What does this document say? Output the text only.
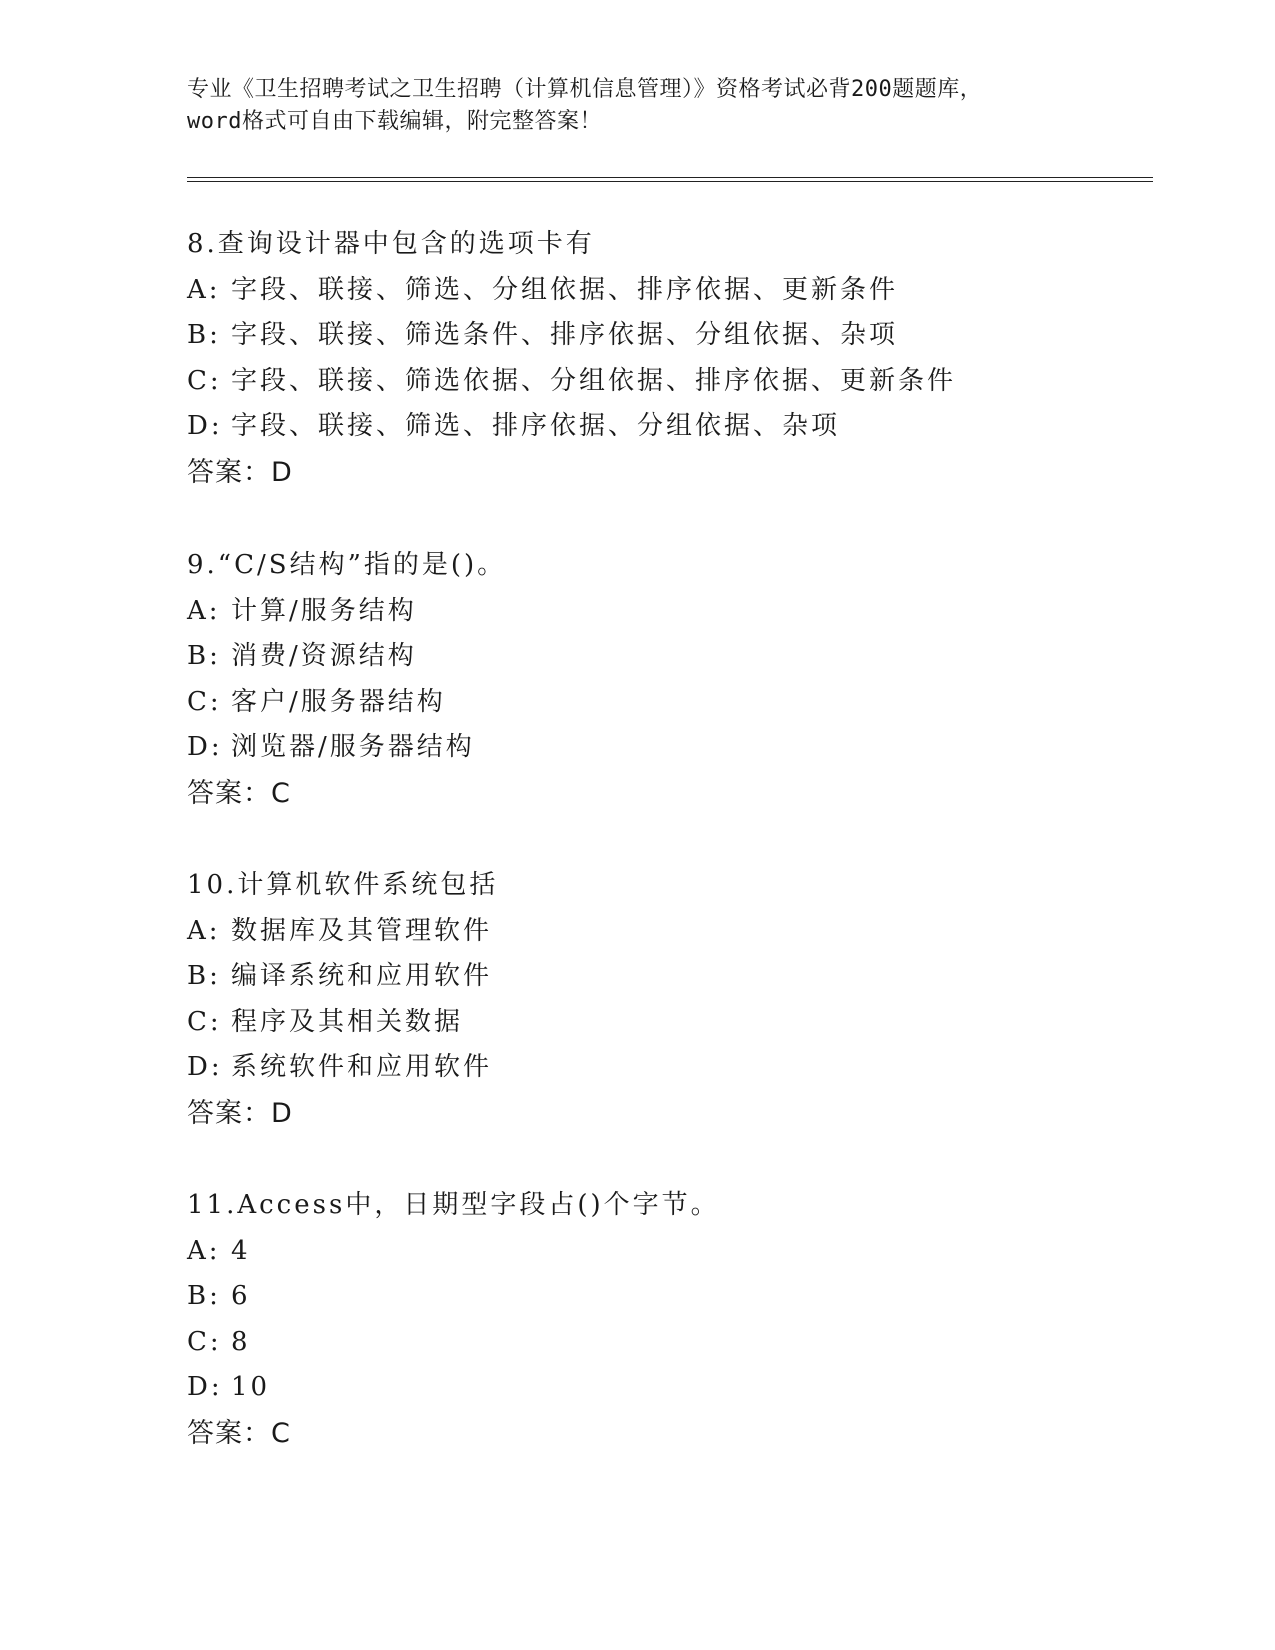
专业《卫生招聘考试之卫生招聘（计算机信息管理）》资格考试必背200题题库，
word格式可自由下载编辑，附完整答案！
8.查询设计器中包含的选项卡有
A: 字段、联接、筛选、分组依据、排序依据、更新条件
B: 字段、联接、筛选条件、排序依据、分组依据、杂项
C: 字段、联接、筛选依据、分组依据、排序依据、更新条件
D: 字段、联接、筛选、排序依据、分组依据、杂项
答案：D
9.“C/S结构”指的是()。
A: 计算/服务结构
B: 消费/资源结构
C: 客户/服务器结构
D: 浏览器/服务器结构
答案：C
10.计算机软件系统包括
A: 数据库及其管理软件
B: 编译系统和应用软件
C: 程序及其相关数据
D: 系统软件和应用软件
答案：D
11.Access中，日期型字段占()个字节。
A: 4
B: 6
C: 8
D: 10
答案：C
